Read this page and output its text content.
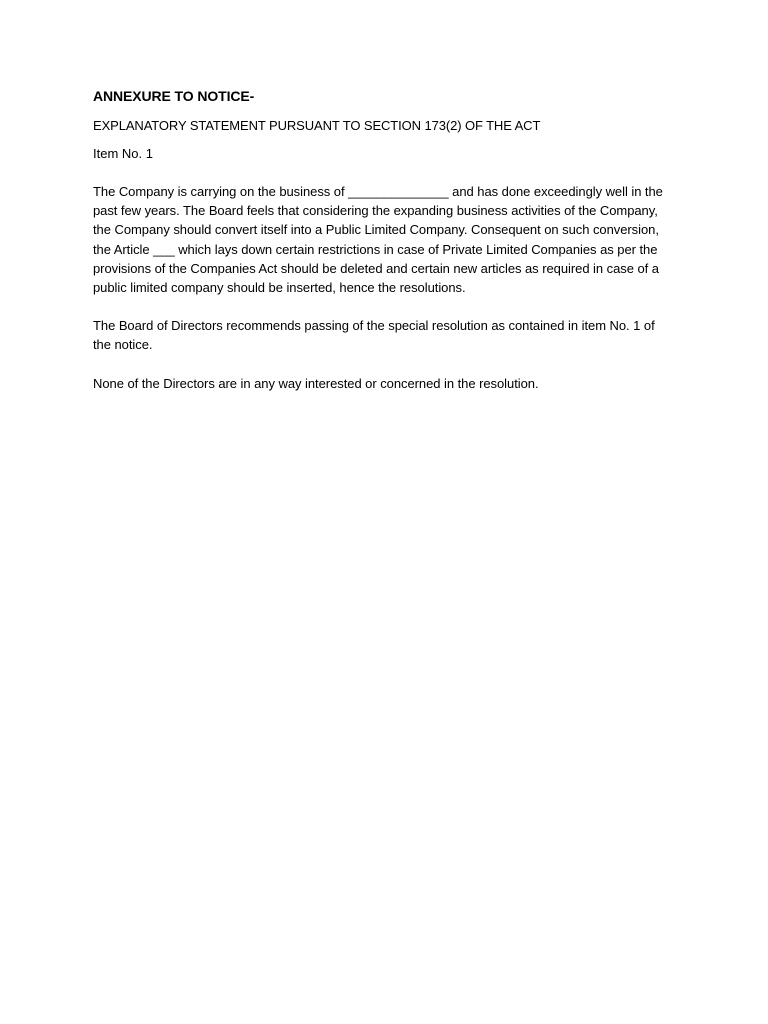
ANNEXURE TO NOTICE-
EXPLANATORY STATEMENT PURSUANT TO SECTION 173(2) OF THE ACT
Item No. 1

The Company is carrying on the business of ______________ and has done exceedingly well in the past few years. The Board feels that considering the expanding business activities of the Company, the Company should convert itself into a Public Limited Company. Consequent on such conversion, the Article ___ which lays down certain restrictions in case of Private Limited Companies as per the provisions of the Companies Act should be deleted and certain new articles as required in case of a public limited company should be inserted, hence the resolutions.

The Board of Directors recommends passing of the special resolution as contained in item No. 1 of the notice.

None of the Directors are in any way interested or concerned in the resolution.
